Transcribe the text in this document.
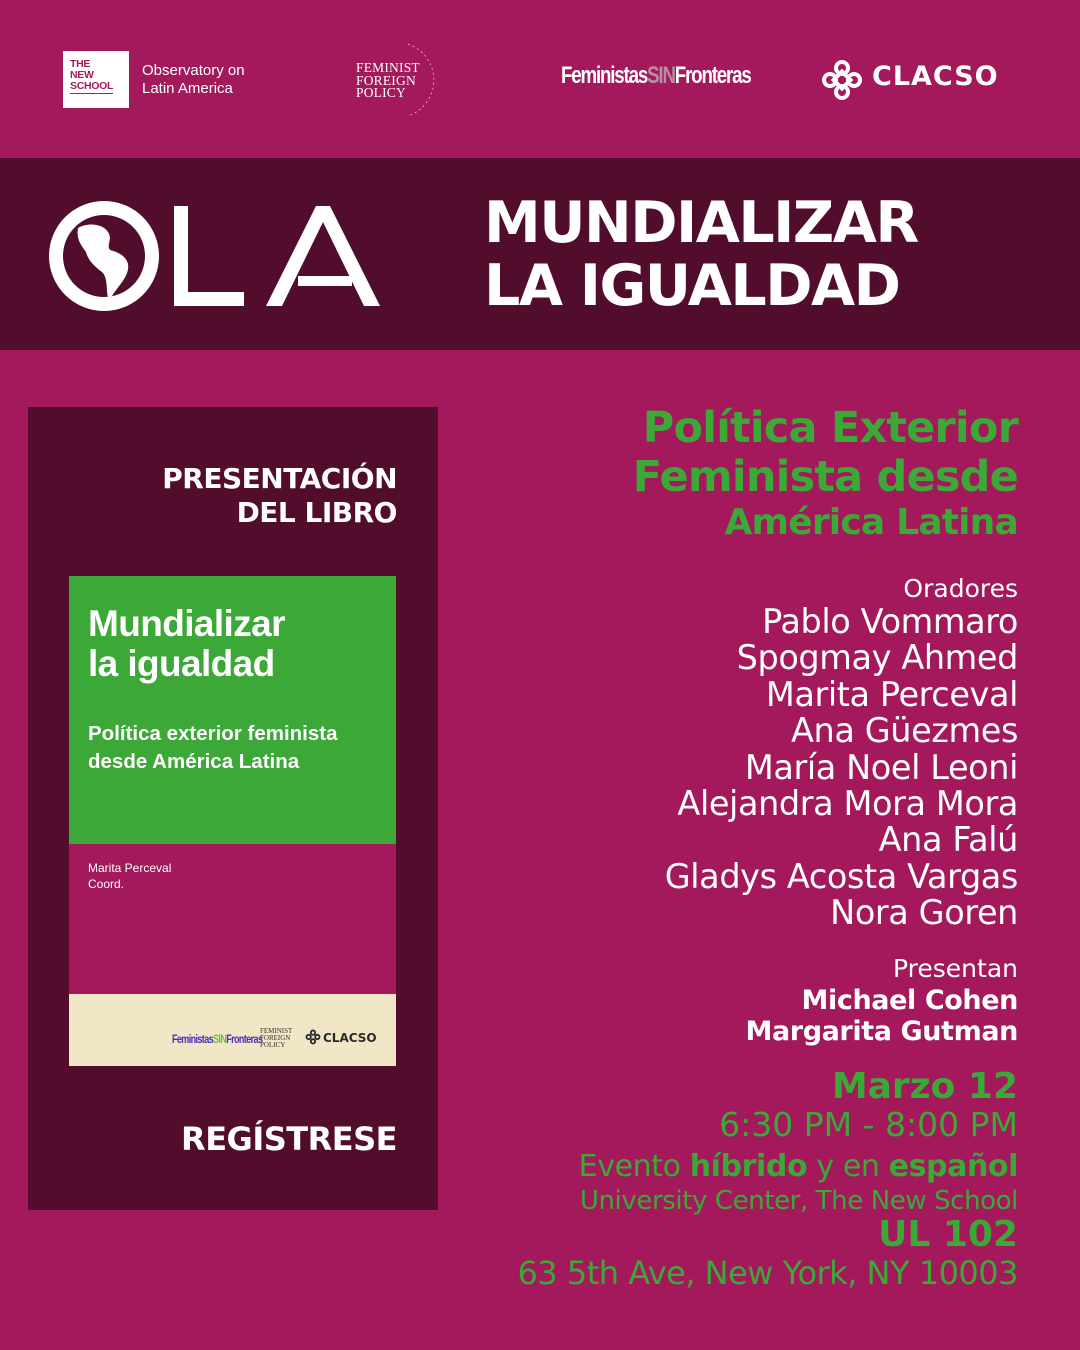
THE
NEW
SCHOOL
Observatory on
Latin America
FEMINIST
FOREIGN
POLICY
FeministasSINFronteras	CLACSO
MUNDIALIZAR
LA IGUALDAD
PRESENTACIÓN
DEL LIBRO
Mundializar
la igualdad
Política exterior feminista
desde América Latina
Marita Perceval
Coord.
FeministasSINFronteras
FEMINIST
FOREIGN
POLICY	CLACSO
REGÍSTRESE
Política Exterior
Feminista desde
América Latina
Oradores
Pablo Vommaro
Spogmay Ahmed
Marita Perceval
Ana Güezmes
María Noel Leoni
Alejandra Mora Mora
Ana Falú
Gladys Acosta Vargas
Nora Goren
Presentan
Michael Cohen
Margarita Gutman
Marzo 12
6:30 PM - 8:00 PM
Evento híbrido y en español
University Center, The New School
UL 102
63 5th Ave, New York, NY 10003
